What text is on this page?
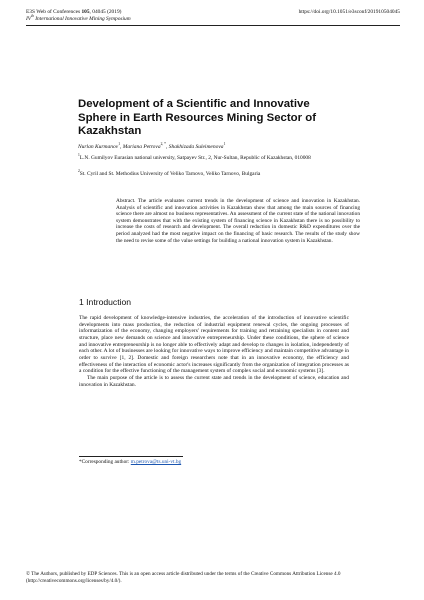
E3S Web of Conferences 105, 04045 (2019)
IVth International Innovative Mining Symposium
https://doi.org/10.1051/e3sconf/201910504045
Development of a Scientific and Innovative Sphere in Earth Resources Mining Sector of Kazakhstan
Nurlan Kurmanov$^1$, Mariana Petrova$^{2, *}$, Shakhizada Suleimenova$^1$
$^1$L.N. Gumilyov Eurasian national university, Satpayev Str., 2, Nur-Sultan, Republic of Kazakhstan, 010008
$^2$St. Cyril and St. Methodius University of Veliko Tarnovo, Veliko Tarnovo, Bulgaria
Abstract. The article evaluates current trends in the development of science and innovation in Kazakhstan. Analysis of scientific and innovation activities in Kazakhstan show that among the main sources of financing science there are almost no business representatives. An assessment of the current state of the national innovation system demonstrates that with the existing system of financing science in Kazakhstan there is no possibility to increase the costs of research and development. The overall reduction in domestic R&D expenditures over the period analyzed had the most negative impact on the financing of basic research. The results of the study show the need to revise some of the value settings for building a national innovation system in Kazakhstan.
1 Introduction

The rapid development of knowledge-intensive industries, the acceleration of the introduction of innovative scientific developments into mass production, the reduction of industrial equipment renewal cycles, the ongoing processes of informatization of the economy, changing employers' requirements for training and retraining specialists in content and structure, place new demands on science and innovative entrepreneurship. Under these conditions, the sphere of science and innovative entrepreneurship is no longer able to effectively adapt and develop to changes in isolation, independently of each other. A lot of businesses are looking for innovative ways to improve efficiency and maintain competitive advantage in order to survive [1, 2]. Domestic and foreign researchers note that in an innovative economy, the efficiency and effectiveness of the interaction of economic actor's increases significantly from the organization of integration processes as a condition for the effective functioning of the management system of complex social and economic systems [3].

The main purpose of the article is to assess the current state and trends in the development of science, education and innovation in Kazakhstan.

*Corresponding author: m.petrova@ts.uni-vt.bg
© The Authors, published by EDP Sciences. This is an open access article distributed under the terms of the Creative Commons Attribution License 4.0 (http://creativecommons.org/licenses/by/4.0/).
